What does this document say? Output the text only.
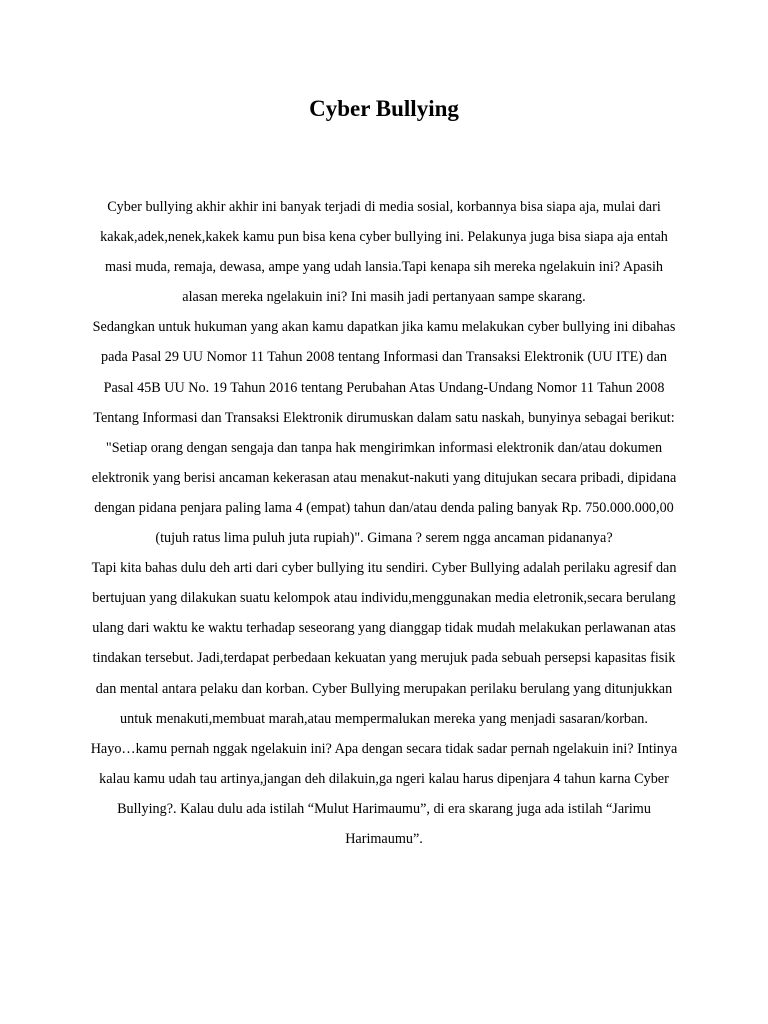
Cyber Bullying

Cyber bullying akhir akhir ini banyak terjadi di media sosial, korbannya bisa siapa aja, mulai dari kakak,adek,nenek,kakek kamu pun bisa kena cyber bullying ini. Pelakunya juga bisa siapa aja entah masi muda, remaja, dewasa, ampe yang udah lansia.Tapi kenapa sih mereka ngelakuin ini? Apasih alasan mereka ngelakuin ini? Ini masih jadi pertanyaan sampe skarang.

Sedangkan untuk hukuman yang akan kamu dapatkan jika kamu melakukan cyber bullying ini dibahas pada Pasal 29 UU Nomor 11 Tahun 2008 tentang Informasi dan Transaksi Elektronik (UU ITE) dan Pasal 45B UU No. 19 Tahun 2016 tentang Perubahan Atas Undang-Undang Nomor 11 Tahun 2008 Tentang Informasi dan Transaksi Elektronik dirumuskan dalam satu naskah, bunyinya sebagai berikut: "Setiap orang dengan sengaja dan tanpa hak mengirimkan informasi elektronik dan/atau dokumen elektronik yang berisi ancaman kekerasan atau menakut-nakuti yang ditujukan secara pribadi, dipidana dengan pidana penjara paling lama 4 (empat) tahun dan/atau denda paling banyak Rp. 750.000.000,00 (tujuh ratus lima puluh juta rupiah)". Gimana ? serem ngga ancaman pidananya?

Tapi kita bahas dulu deh arti dari cyber bullying itu sendiri. Cyber Bullying adalah perilaku agresif dan bertujuan yang dilakukan suatu kelompok atau individu,menggunakan media eletronik,secara berulang ulang dari waktu ke waktu terhadap seseorang yang dianggap tidak mudah melakukan perlawanan atas tindakan tersebut. Jadi,terdapat perbedaan kekuatan yang merujuk pada sebuah persepsi kapasitas fisik dan mental antara pelaku dan korban. Cyber Bullying merupakan perilaku berulang yang ditunjukkan untuk menakuti,membuat marah,atau mempermalukan mereka yang menjadi sasaran/korban.

Hayo…kamu pernah nggak ngelakuin ini? Apa dengan secara tidak sadar pernah ngelakuin ini? Intinya kalau kamu udah tau artinya,jangan deh dilakuin,ga ngeri kalau harus dipenjara 4 tahun karna Cyber Bullying?. Kalau dulu ada istilah “Mulut Harimaumu”, di era skarang juga ada istilah “Jarimu Harimaumu”.
